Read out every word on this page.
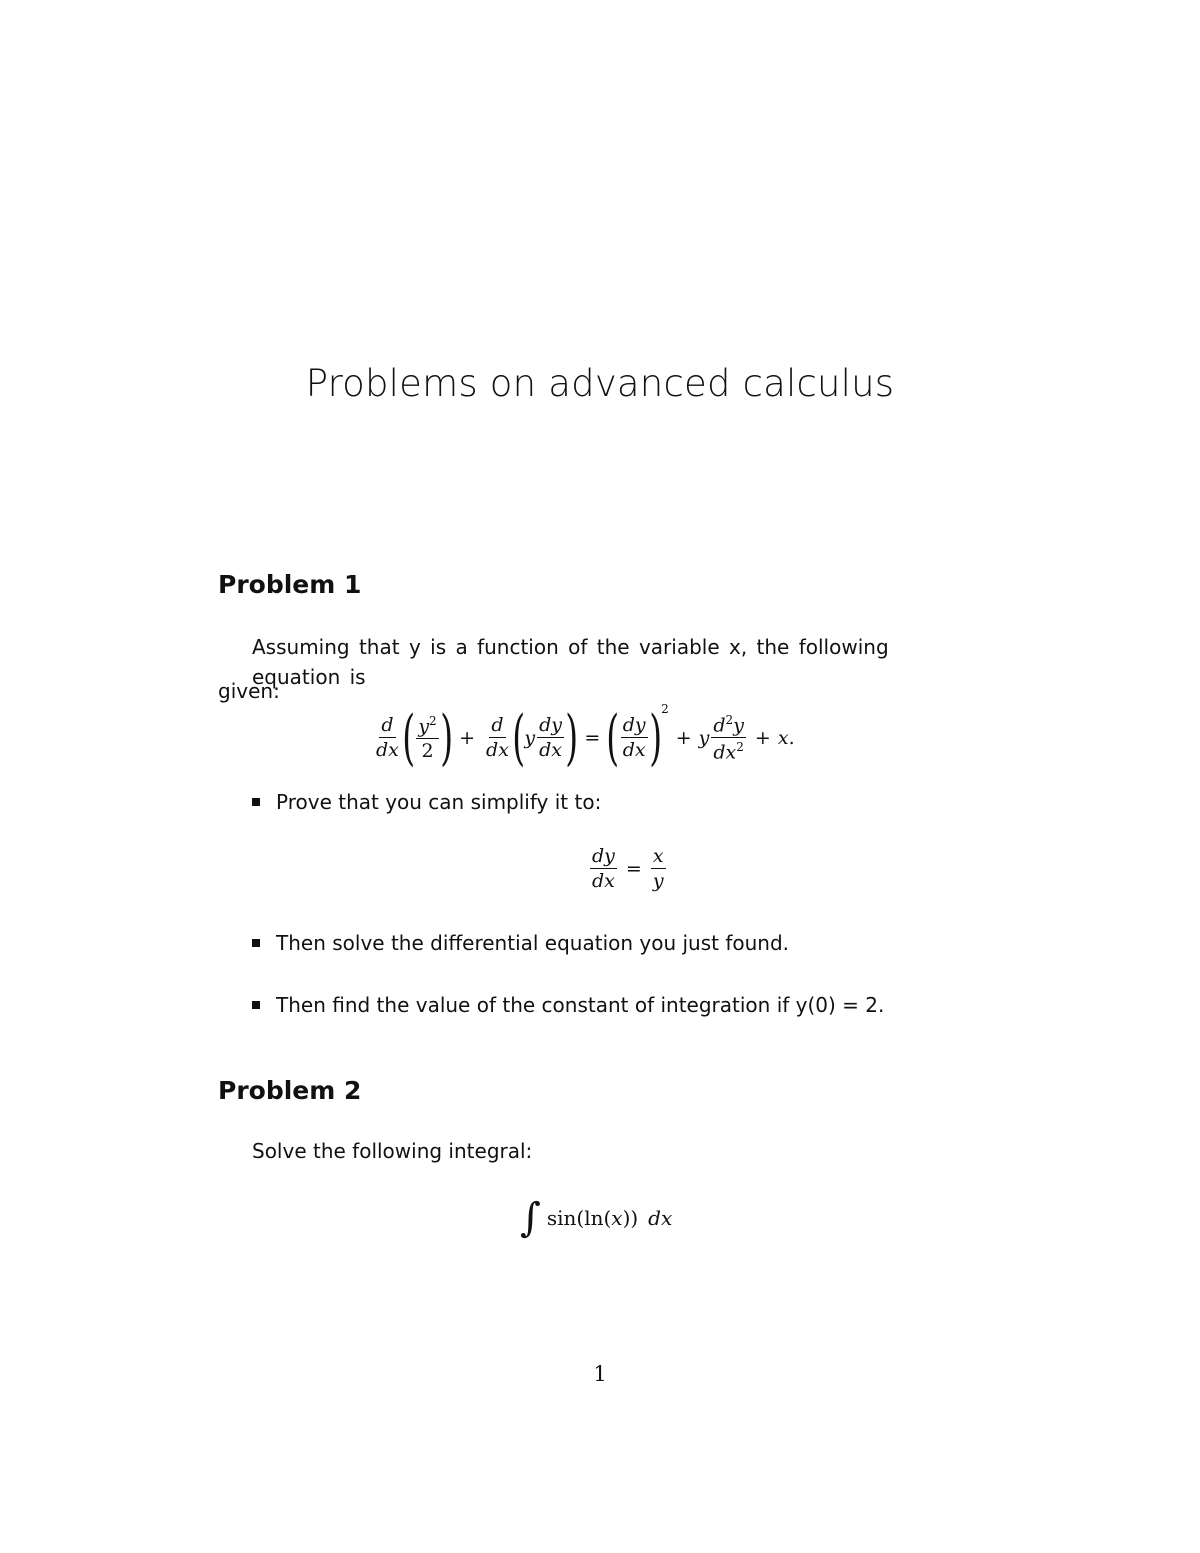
Problems on advanced calculus
Problem 1
Assuming that y is a function of the variable x, the following equation is
given:
$\frac{d}{dx}$ ( $\frac{y^2}{2}$ ) + $\frac{d}{dx}$ ( y $\frac{dy}{dx}$ ) = ( $\frac{dy}{dx} )^2$
+ y $\frac{d^2y}{dx^2} + x$ .
Prove that you can simplify it to:
$\frac{dy}{dx} = \frac{x}{y}$
Then solve the differential equation you just found.
Then find the value of the constant of integration if y(0) = 2.
Problem 2
Solve the following integral:
∫ sin(ln( x )) dx
1
